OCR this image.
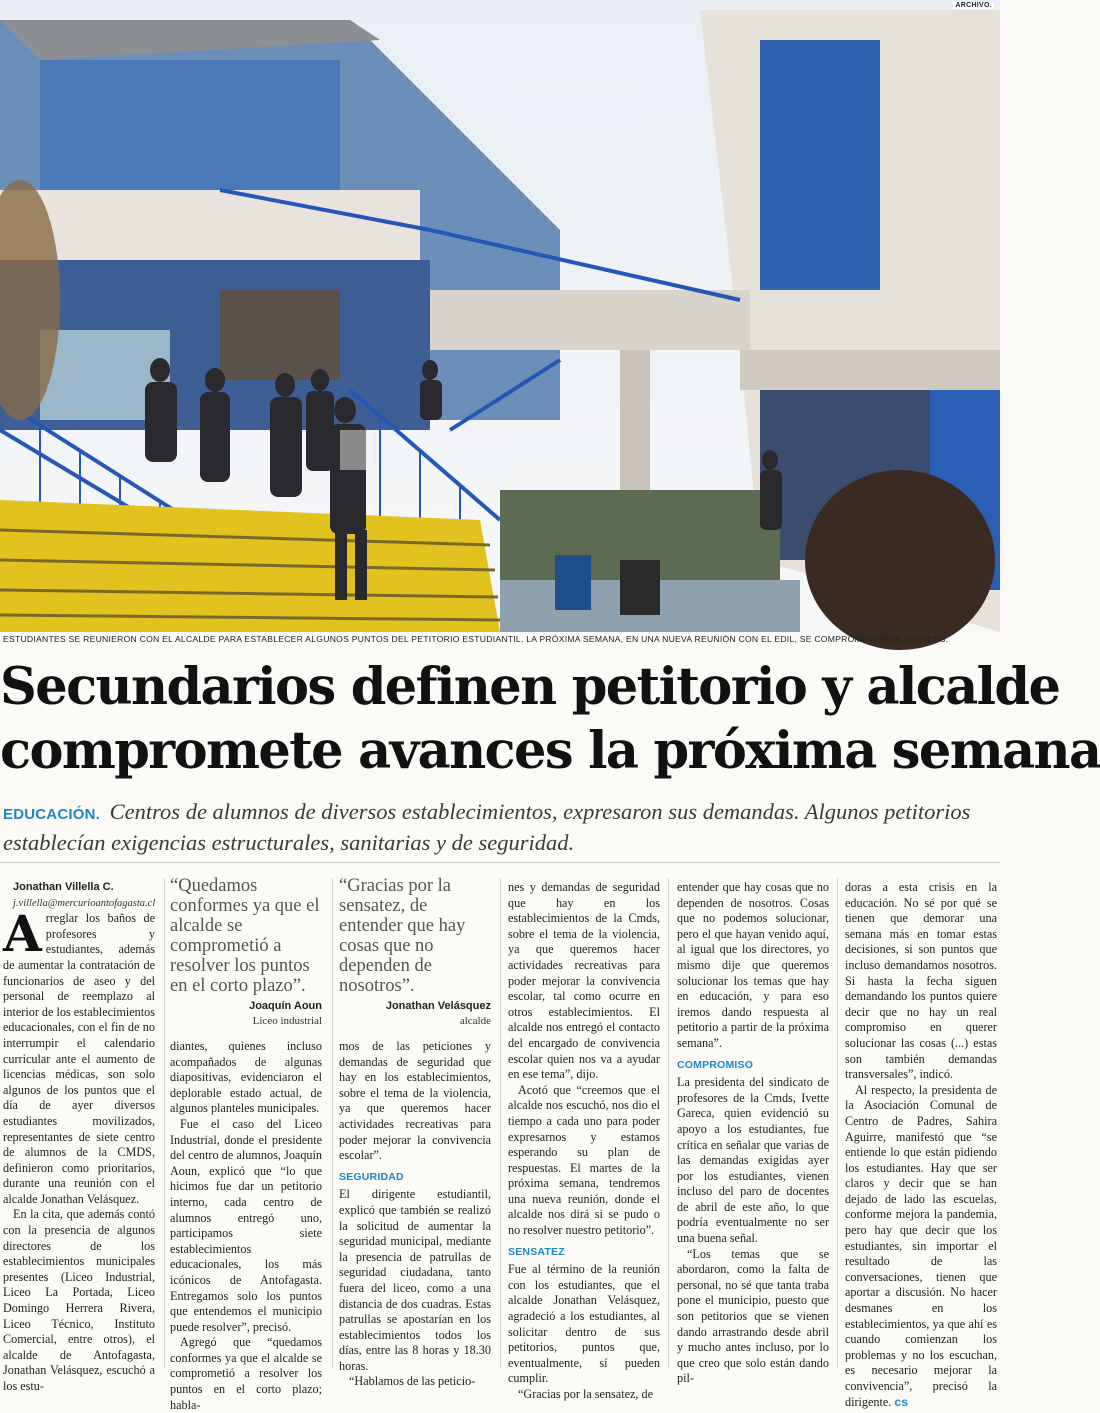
ARCHIVO.
ESTUDIANTES SE REUNIERON CON EL ALCALDE PARA ESTABLECER ALGUNOS PUNTOS DEL PETITORIO ESTUDIANTIL. LA PRÓXIMA SEMANA, EN UNA NUEVA REUNIÓN CON EL EDIL, SE COMPROMETIERON AVANCES.
Secundarios definen petitorio y alcalde
compromete avances la próxima semana
EDUCACIÓN. Centros de alumnos de diversos establecimientos, expresaron sus demandas. Algunos petitorios establecían exigencias estructurales, sanitarias y de seguridad.

Jonathan Villella C.

j.villella@mercurioantofagasta.cl

Arreglar los baños de profesores y estudiantes, además de aumentar la contratación de funcionarios de aseo y del personal de reemplazo al interior de los establecimientos educacionales, con el fin de no interrumpir el calendario curricular ante el aumento de licencias médicas, son solo algunos de los puntos que el día de ayer diversos estudiantes movilizados, representantes de siete centro de alumnos de la CMDS, definieron como prioritarios, durante una reunión con el alcalde Jonathan Velásquez.

En la cita, que además contó con la presencia de algunos directores de los establecimientos municipales presentes (Liceo Industrial, Liceo La Portada, Liceo Domingo Herrera Rivera, Liceo Técnico, Instituto Comercial, entre otros), el alcalde de Antofagasta, Jonathan Velásquez, escuchó a los estu-

“Quedamos conformes ya que el alcalde se comprometió a resolver los puntos en el corto plazo”.
Joaquín Aoun
Liceo industrial

diantes, quienes incluso acompañados de algunas diapositivas, evidenciaron el deplorable estado actual, de algunos planteles municipales.

Fue el caso del Liceo Industrial, donde el presidente del centro de alumnos, Joaquín Aoun, explicó que “lo que hicimos fue dar un petitorio interno, cada centro de alumnos entregó uno, participamos siete establecimientos educacionales, los más icónicos de Antofagasta. Entregamos solo los puntos que entendemos el municipio puede resolver”, precisó.

Agregó que “quedamos conformes ya que el alcalde se comprometió a resolver los puntos en el corto plazo; habla-

“Gracias por la sensatez, de entender que hay cosas que no dependen de nosotros”.
Jonathan Velásquez
alcalde

mos de las peticiones y demandas de seguridad que hay en los establecimientos, sobre el tema de la violencia, ya que queremos hacer actividades recreativas para poder mejorar la convivencia escolar”.

SEGURIDAD

El dirigente estudiantil, explicó que también se realizó la solicitud de aumentar la seguridad municipal, mediante la presencia de patrullas de seguridad ciudadana, tanto fuera del liceo, como a una distancia de dos cuadras. Estas patrullas se apostarían en los establecimientos todos los días, entre las 8 horas y 18.30 horas.

“Hablamos de las peticio-

nes y demandas de seguridad que hay en los establecimientos de la Cmds, sobre el tema de la violencia, ya que queremos hacer actividades recreativas para poder mejorar la convivencia escolar, tal como ocurre en otros establecimientos. El alcalde nos entregó el contacto del encargado de convivencia escolar quien nos va a ayudar en ese tema”, dijo.

Acotó que “creemos que el alcalde nos escuchó, nos dio el tiempo a cada uno para poder expresarnos y estamos esperando su plan de respuestas. El martes de la próxima semana, tendremos una nueva reunión, donde el alcalde nos dirá si se pudo o no resolver nuestro petitorio”.

SENSATEZ

Fue al término de la reunión con los estudiantes, que el alcalde Jonathan Velásquez, agradeció a los estudiantes, al solicitar dentro de sus petitorios, puntos que, eventualmente, sí pueden cumplir.

“Gracias por la sensatez, de

entender que hay cosas que no dependen de nosotros. Cosas que no podemos solucionar, pero el que hayan venido aquí, al igual que los directores, yo mismo dije que queremos solucionar los temas que hay en educación, y para eso iremos dando respuesta al petitorio a partir de la próxima semana”.

COMPROMISO

La presidenta del sindicato de profesores de la Cmds, Ivette Gareca, quien evidenció su apoyo a los estudiantes, fue crítica en señalar que varias de las demandas exigidas ayer por los estudiantes, vienen incluso del paro de docentes de abril de este año, lo que podría eventualmente no ser una buena señal.

“Los temas que se abordaron, como la falta de personal, no sé que tanta traba pone el municipio, puesto que son petitorios que se vienen dando arrastrando desde abril y mucho antes incluso, por lo que creo que solo están dando pil-

doras a esta crisis en la educación. No sé por qué se tienen que demorar una semana más en tomar estas decisiones, si son puntos que incluso demandamos nosotros. Si hasta la fecha siguen demandando los puntos quiere decir que no hay un real compromiso en querer solucionar las cosas (...) estas son también demandas transversales”, indicó.

Al respecto, la presidenta de la Asociación Comunal de Centro de Padres, Sahira Aguirre, manifestó que “se entiende lo que están pidiendo los estudiantes. Hay que ser claros y decir que se han dejado de lado las escuelas, conforme mejora la pandemia, pero hay que decir que los estudiantes, sin importar el resultado de las conversaciones, tienen que aportar a discusión. No hacer desmanes en los establecimientos, ya que ahí es cuando comienzan los problemas y no los escuchan, es necesario mejorar la convivencia”, precisó la dirigente. cs
